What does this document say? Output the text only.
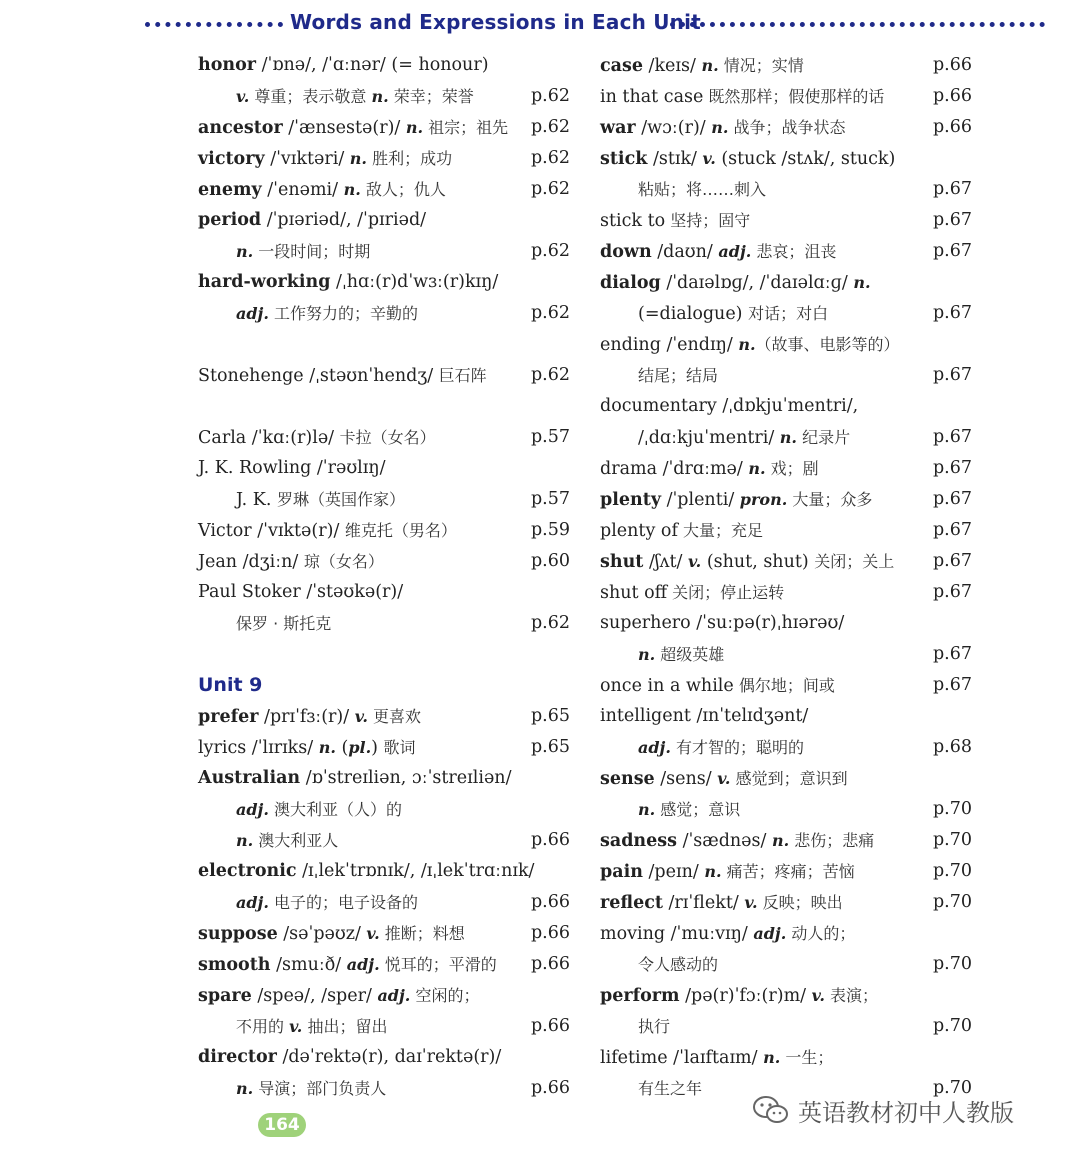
Words and Expressions in Each Unit
honor /ˈɒnə/, /ˈɑːnər/ (= honour)
v. 尊重；表示敬意 n. 荣幸；荣誉	p.62
ancestor /ˈænsestə(r)/ n. 祖宗；祖先 p.62
victory /ˈvɪktəri/ n. 胜利；成功	p.62
enemy /ˈenəmi/ n. 敌人；仇人	p.62
period /ˈpɪəriəd/, /ˈpɪriəd/
n. 一段时间；时期	p.62
hard-working /ˌhɑː(r)dˈwɜː(r)kɪŋ/
adj. 工作努力的；辛勤的	p.62
Stonehenge /ˌstəʊnˈhendʒ/ 巨石阵	p.62
Carla /ˈkɑː(r)lə/ 卡拉（女名）	p.57
J. K. Rowling /ˈrəʊlɪŋ/
J. K. 罗琳（英国作家）	p.57
Victor /ˈvɪktə(r)/ 维克托（男名）	p.59
Jean /dʒiːn/ 琼（女名）	p.60
Paul Stoker /ˈstəʊkə(r)/
保罗 · 斯托克	p.62
Unit 9
prefer /prɪˈfɜː(r)/ v. 更喜欢	p.65
lyrics /ˈlɪrɪks/ n. (pl.) 歌词	p.65
Australian /ɒˈstreɪliən, ɔːˈstreɪliən/
adj. 澳大利亚（人）的
n. 澳大利亚人	p.66
electronic /ɪˌlekˈtrɒnɪk/, /ɪˌlekˈtrɑːnɪk/
adj. 电子的；电子设备的	p.66
suppose /səˈpəʊz/ v. 推断；料想	p.66
smooth /smuːð/ adj. 悦耳的；平滑的 p.66
spare /speə/, /sper/ adj. 空闲的；
不用的 v. 抽出；留出	p.66
director /dəˈrektə(r), daɪˈrektə(r)/
n. 导演；部门负责人	p.66
case /keɪs/ n. 情况；实情	p.66
in that case 既然那样；假使那样的话	p.66
war /wɔː(r)/ n. 战争；战争状态	p.66
stick /stɪk/ v. (stuck /stʌk/, stuck)
粘贴；将……刺入	p.67
stick to 坚持；固守	p.67
down /daʊn/ adj. 悲哀；沮丧	p.67
dialog /ˈdaɪəlɒɡ/, /ˈdaɪəlɑːɡ/ n.
(=dialogue) 对话；对白	p.67
ending /ˈendɪŋ/ n.（故事、电影等的）
结尾；结局	p.67
documentary /ˌdɒkjuˈmentri/,
/ˌdɑːkjuˈmentri/ n. 纪录片	p.67
drama /ˈdrɑːmə/ n. 戏；剧	p.67
plenty /ˈplenti/ pron. 大量；众多	p.67
plenty of 大量；充足	p.67
shut /ʃʌt/ v. (shut, shut) 关闭；关上 p.67
shut off 关闭；停止运转	p.67
superhero /ˈsuːpə(r)ˌhɪərəʊ/
n. 超级英雄	p.67
once in a while 偶尔地；间或	p.67
intelligent /ɪnˈtelɪdʒənt/
adj. 有才智的；聪明的	p.68
sense /sens/ v. 感觉到；意识到
n. 感觉；意识	p.70
sadness /ˈsædnəs/ n. 悲伤；悲痛	p.70
pain /peɪn/ n. 痛苦；疼痛；苦恼	p.70
reflect /rɪˈflekt/ v. 反映；映出	p.70
moving /ˈmuːvɪŋ/ adj. 动人的；
令人感动的	p.70
perform /pə(r)ˈfɔː(r)m/ v. 表演；
执行	p.70
lifetime /ˈlaɪftaɪm/ n. 一生；
有生之年	p.70
164	英语教材初中人教版
